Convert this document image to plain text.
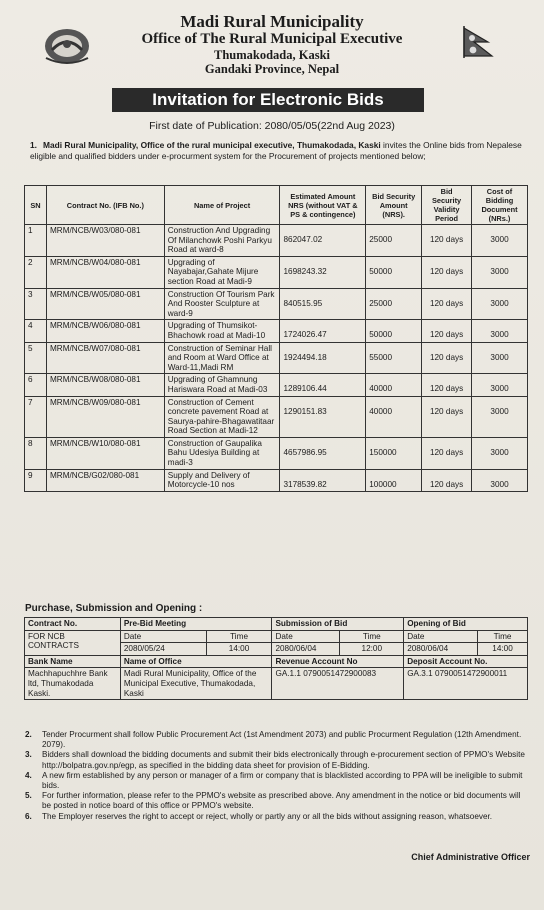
Madi Rural Municipality
Office of The Rural Municipal Executive
Thumakodada, Kaski
Gandaki Province, Nepal
Invitation for Electronic Bids
First date of Publication: 2080/05/05(22nd Aug 2023)
1. Madi Rural Municipality, Office of the rural municipal executive, Thumakodada, Kaski invites the Online bids from Nepalese eligible and qualified bidders under e-procurment system for the Procurement of projects mentioned below;
SN	Contract No. (IFB No.)	Name of Project	Estimated Amount NRS (without VAT & PS & contingence)	Bid Security Amount (NRS).	Bid Security Validity Period	Cost of Bidding Document (NRs.)
1	MRM/NCB/W03/080-081	Construction And Upgrading Of Milanchowk Poshi Parkyu Road at ward-8	862047.02	25000	120 days	3000
2	MRM/NCB/W04/080-081	Upgrading of Nayabajar,Gahate Mijure section Road at Madi-9	1698243.32	50000	120 days	3000
3	MRM/NCB/W05/080-081	Construction Of Tourism Park And Rooster Sculpture at ward-9	840515.95	25000	120 days	3000
4	MRM/NCB/W06/080-081	Upgrading of Thumsikot-Bhachowk road at Madi-10	1724026.47	50000	120 days	3000
5	MRM/NCB/W07/080-081	Construction of Seminar Hall and Room at Ward Office at Ward-11,Madi RM	1924494.18	55000	120 days	3000
6	MRM/NCB/W08/080-081	Upgrading of Ghamnung Hariswara Road at Madi-03	1289106.44	40000	120 days	3000
7	MRM/NCB/W09/080-081	Construction of Cement concrete pavement Road at Saurya-pahire-Bhagawatitaar Road Section at Madi-12	1290151.83	40000	120 days	3000
8	MRM/NCB/W10/080-081	Construction of Gaupalika Bahu Udesiya Building at madi-3	4657986.95	150000	120 days	3000
9	MRM/NCB/G02/080-081	Supply and Delivery of Motorcycle-10 nos	3178539.82	100000	120 days	3000
Purchase, Submission and Opening :
Contract No.	Pre-Bid Meeting		Submission of Bid		Opening of Bid	
FOR NCB CONTRACTS	Date	Time	Date	Time	Date	Time
	2080/05/24	14:00	2080/06/04	12:00	2080/06/04	14:00
Bank Name	Name of Office		Revenue Account No		Deposit Account No.	
Machhapuchhre Bank ltd, Thumakodada Kaski.	Madi Rural Municipality, Office of the Municipal Executive, Thumakodada, Kaski		GA.1.1 0790051472900083		GA.3.1 0790051472900011	
2.	Tender Procurment shall follow Public Procurement Act (1st Amendment 2073) and public Procurment Regulation (12th Amendment. 2079).
3.	Bidders shall download the bidding documents and submit their bids electronically through e-procurement section of PPMO's Website http://bolpatra.gov.np/egp, as specified in the bidding data sheet for provision of E-Bidding.
4.	A new firm established by any person or manager of a firm or company that is blacklisted according to PPA will be ineligible to submit bids.
5.	For further information, please refer to the PPMO's website as prescribed above. Any amendment in the notice or bid documents will be posted in notice board of this office or PPMO's website.
6.	The Employer reserves the right to accept or reject, wholly or partly any or all the bids without assigning reason, whatsoever.
Chief Administrative Officer
